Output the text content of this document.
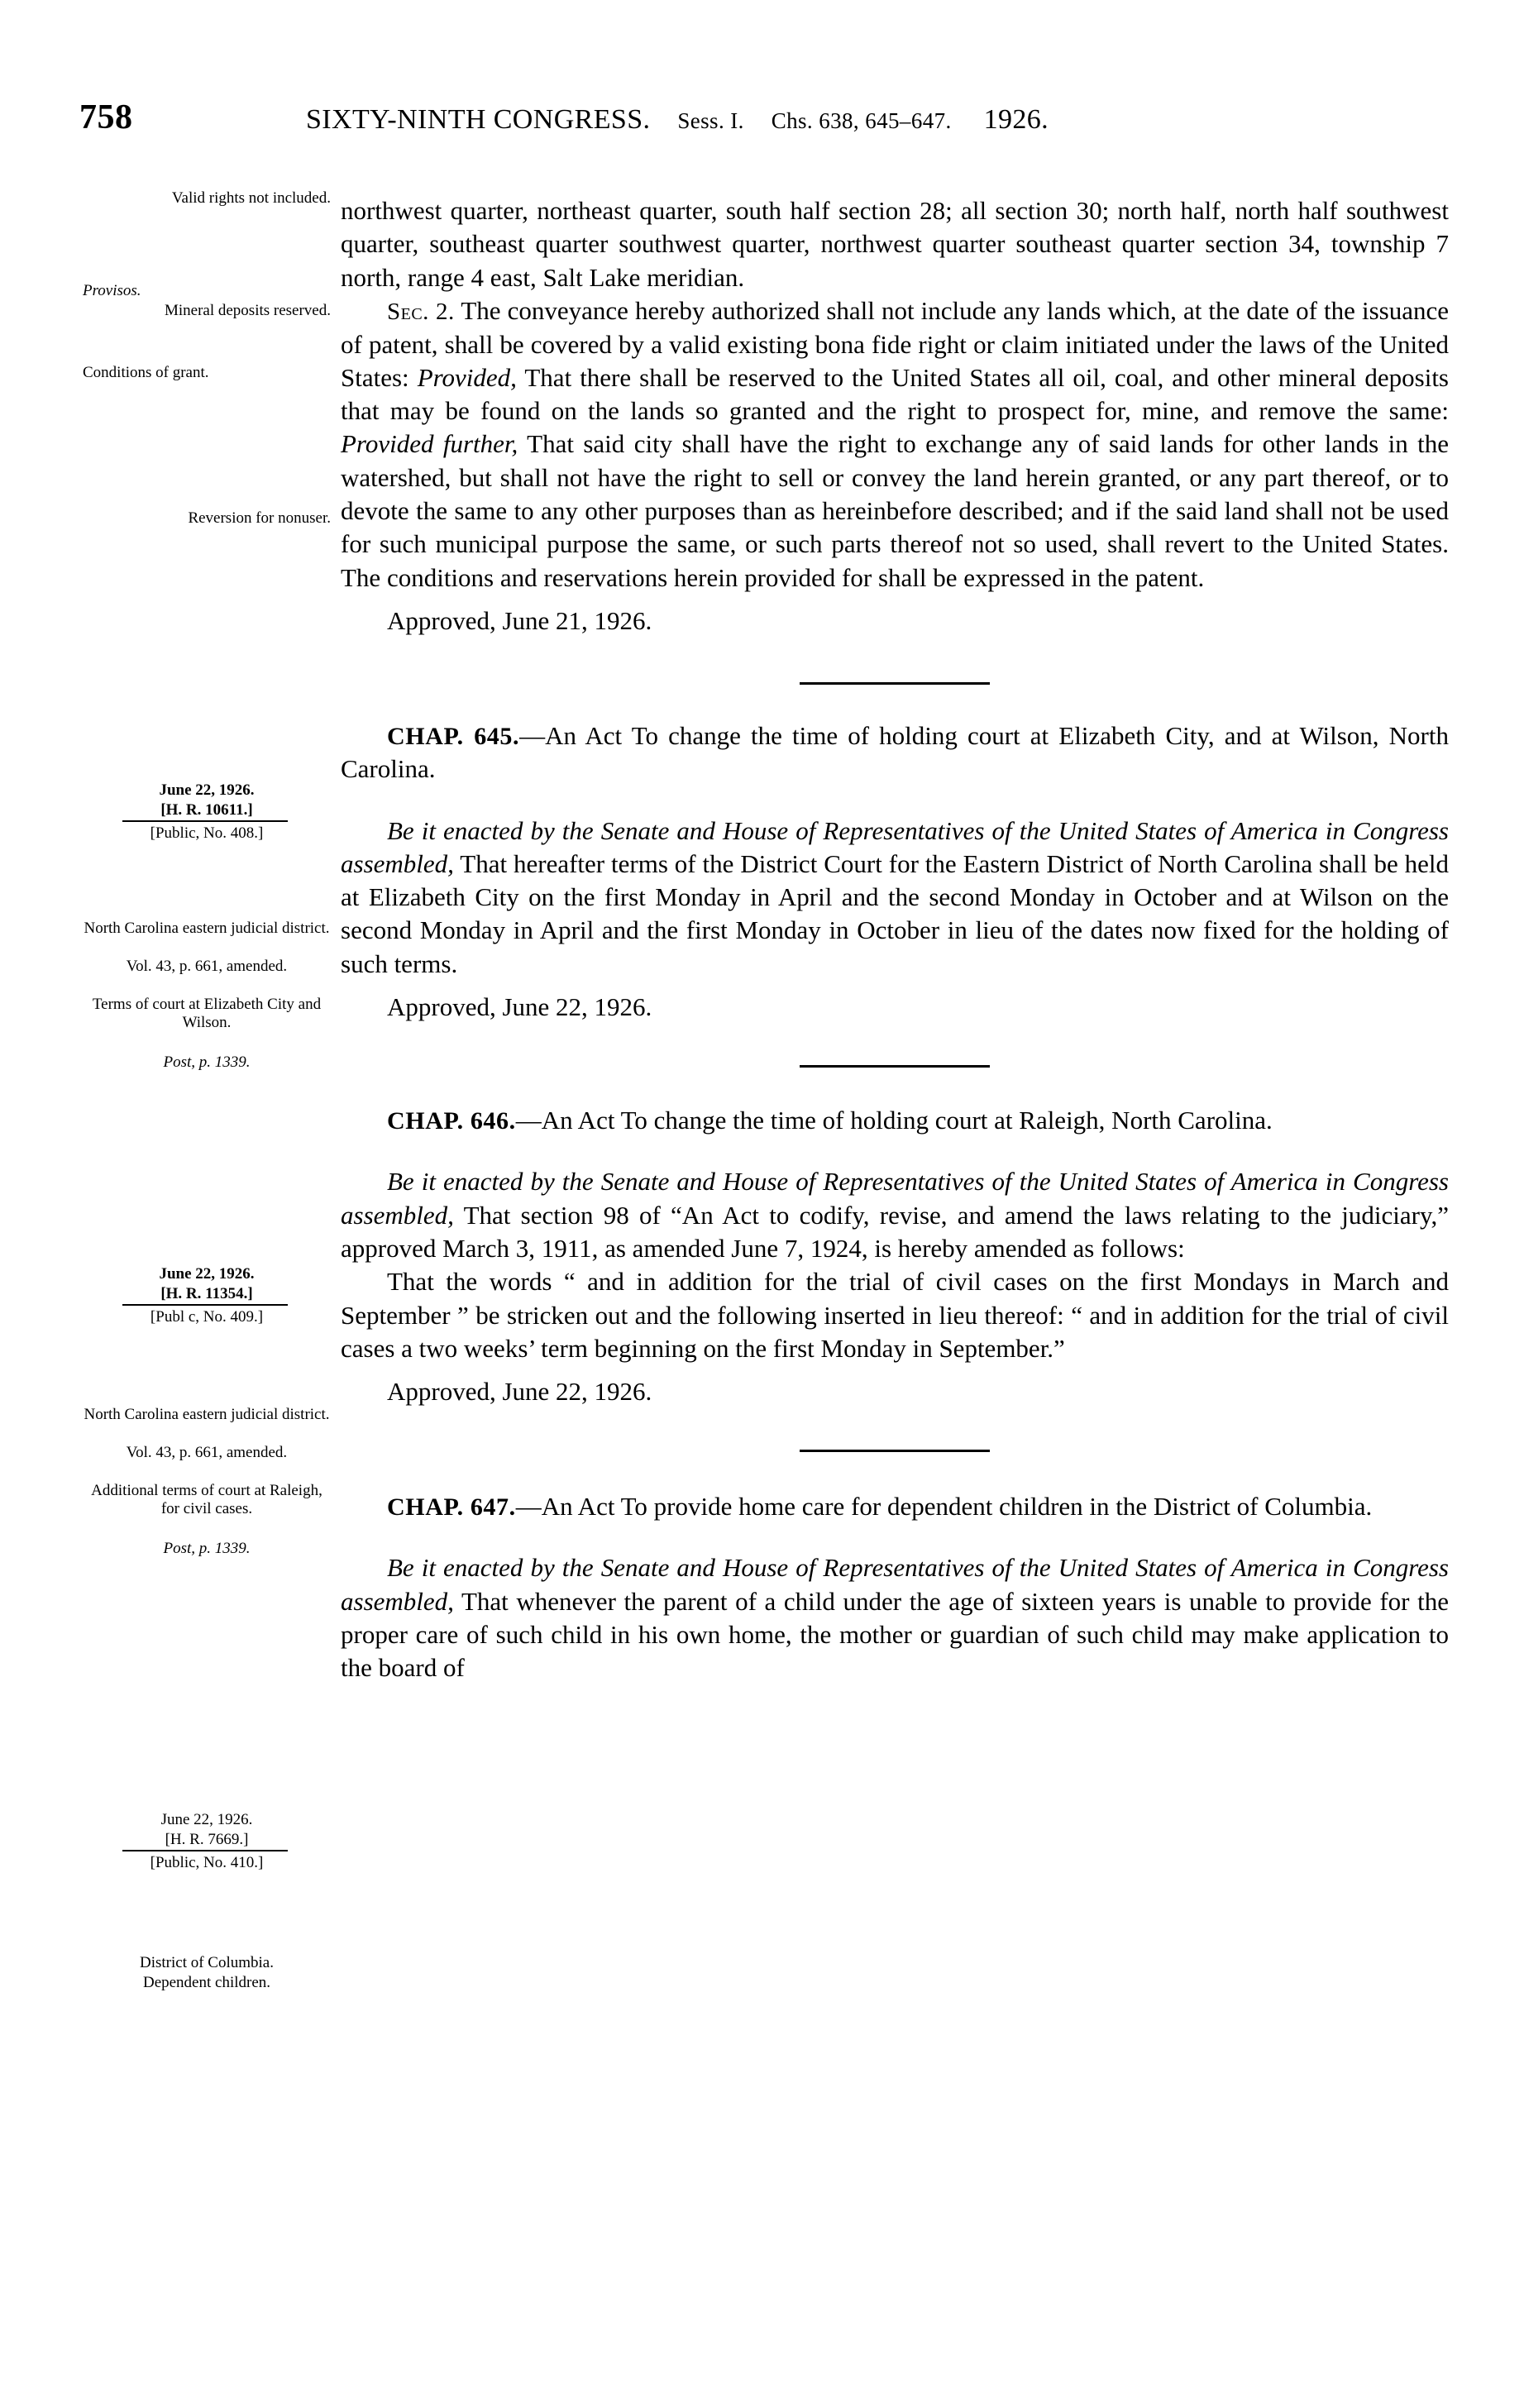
758	SIXTY-NINTH CONGRESS. Sess. I. Chs. 638, 645–647. 1926.
Valid rights not included.
Provisos.
Mineral deposits reserved.
Conditions of grant.
Reversion for nonuser.
June 22, 1926.
[H. R. 10611.]
[Public, No. 408.]
North Carolina eastern judicial district.
Vol. 43, p. 661, amended.
Terms of court at Elizabeth City and Wilson.
Post, p. 1339.
June 22, 1926.
[H. R. 11354.]
[Publ c, No. 409.]
North Carolina eastern judicial district.
Vol. 43, p. 661, amended.
Additional terms of court at Raleigh, for civil cases.
Post, p. 1339.
June 22, 1926.
[H. R. 7669.]
[Public, No. 410.]
District of Columbia.
Dependent children.

northwest quarter, northeast quarter, south half section 28; all section 30; north half, north half southwest quarter, southeast quarter southwest quarter, northwest quarter southeast quarter section 34, township 7 north, range 4 east, Salt Lake meridian.

Sec. 2. The conveyance hereby authorized shall not include any lands which, at the date of the issuance of patent, shall be covered by a valid existing bona fide right or claim initiated under the laws of the United States: Provided, That there shall be reserved to the United States all oil, coal, and other mineral deposits that may be found on the lands so granted and the right to prospect for, mine, and remove the same: Provided further, That said city shall have the right to exchange any of said lands for other lands in the watershed, but shall not have the right to sell or convey the land herein granted, or any part thereof, or to devote the same to any other purposes than as hereinbefore described; and if the said land shall not be used for such municipal purpose the same, or such parts thereof not so used, shall revert to the United States. The conditions and reservations herein provided for shall be expressed in the patent.

Approved, June 21, 1926.

CHAP. 645.—An Act To change the time of holding court at Elizabeth City, and at Wilson, North Carolina.

Be it enacted by the Senate and House of Representatives of the United States of America in Congress assembled, That hereafter terms of the District Court for the Eastern District of North Carolina shall be held at Elizabeth City on the first Monday in April and the second Monday in October and at Wilson on the second Monday in April and the first Monday in October in lieu of the dates now fixed for the holding of such terms.

Approved, June 22, 1926.

CHAP. 646.—An Act To change the time of holding court at Raleigh, North Carolina.

Be it enacted by the Senate and House of Representatives of the United States of America in Congress assembled, That section 98 of “An Act to codify, revise, and amend the laws relating to the judiciary,” approved March 3, 1911, as amended June 7, 1924, is hereby amended as follows:

That the words “ and in addition for the trial of civil cases on the first Mondays in March and September ” be stricken out and the following inserted in lieu thereof: “ and in addition for the trial of civil cases a two weeks’ term beginning on the first Monday in September.”

Approved, June 22, 1926.

CHAP. 647.—An Act To provide home care for dependent children in the District of Columbia.

Be it enacted by the Senate and House of Representatives of the United States of America in Congress assembled, That whenever the parent of a child under the age of sixteen years is unable to provide for the proper care of such child in his own home, the mother or guardian of such child may make application to the board of
